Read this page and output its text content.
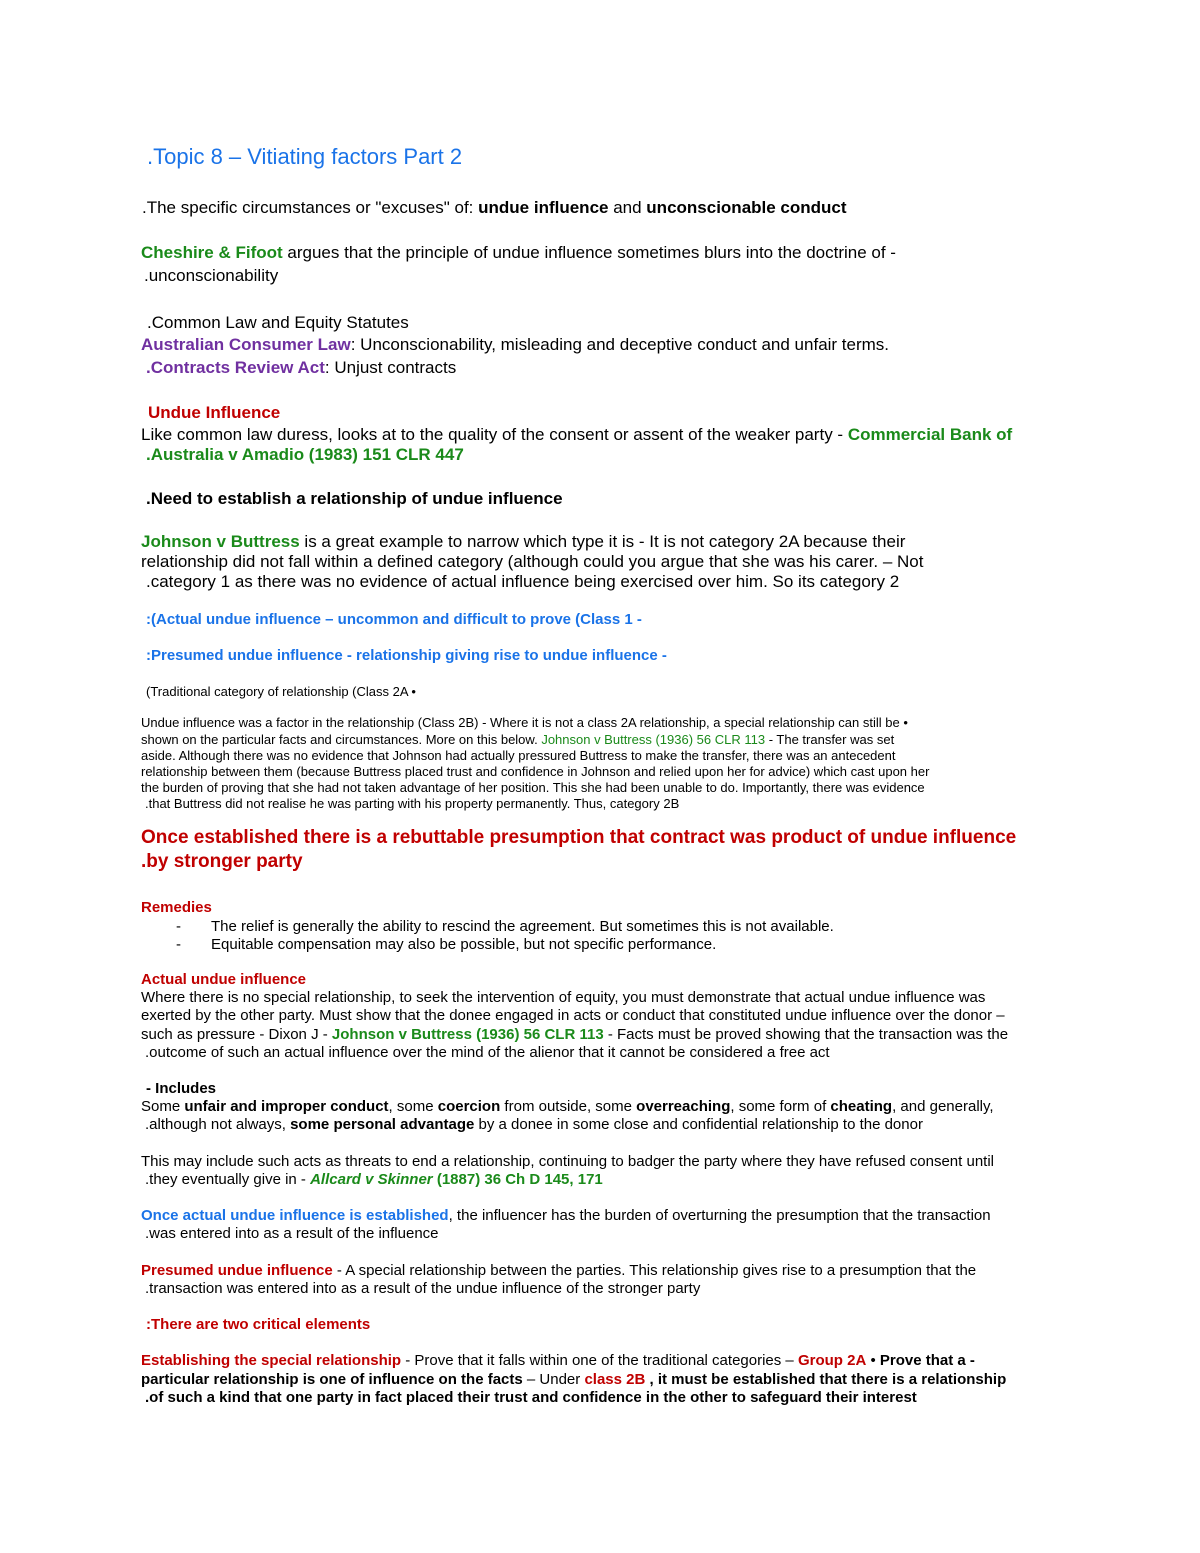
.Topic 8 – Vitiating factors Part 2
.The specific circumstances or "excuses" of: undue influence and unconscionable conduct
Cheshire & Fifoot argues that the principle of undue influence sometimes blurs into the doctrine of -
.unconscionability
.Common Law and Equity Statutes
Australian Consumer Law: Unconscionability, misleading and deceptive conduct and unfair terms.
.Contracts Review Act: Unjust contracts
Undue Influence
Like common law duress, looks at to the quality of the consent or assent of the weaker party - Commercial Bank of
.Australia v Amadio (1983) 151 CLR 447
.Need to establish a relationship of undue influence
Johnson v Buttress is a great example to narrow which type it is - It is not category 2A because their
relationship did not fall within a defined category (although could you argue that she was his carer. – Not
.category 1 as there was no evidence of actual influence being exercised over him. So its category 2
:(Actual undue influence – uncommon and difficult to prove (Class 1 -
:Presumed undue influence - relationship giving rise to undue influence -
(Traditional category of relationship (Class 2A •
Undue influence was a factor in the relationship (Class 2B) - Where it is not a class 2A relationship, a special relationship can still be •
shown on the particular facts and circumstances. More on this below. Johnson v Buttress (1936) 56 CLR 113 - The transfer was set
aside. Although there was no evidence that Johnson had actually pressured Buttress to make the transfer, there was an antecedent
relationship between them (because Buttress placed trust and confidence in Johnson and relied upon her for advice) which cast upon her
the burden of proving that she had not taken advantage of her position. This she had been unable to do. Importantly, there was evidence
.that Buttress did not realise he was parting with his property permanently. Thus, category 2B
Once established there is a rebuttable presumption that contract was product of undue influence
.by stronger party
Remedies
- The relief is generally the ability to rescind the agreement. But sometimes this is not available.
- Equitable compensation may also be possible, but not specific performance.
Actual undue influence
Where there is no special relationship, to seek the intervention of equity, you must demonstrate that actual undue influence was
exerted by the other party. Must show that the donee engaged in acts or conduct that constituted undue influence over the donor –
such as pressure - Dixon J - Johnson v Buttress (1936) 56 CLR 113 - Facts must be proved showing that the transaction was the
.outcome of such an actual influence over the mind of the alienor that it cannot be considered a free act
- Includes
Some unfair and improper conduct, some coercion from outside, some overreaching, some form of cheating, and generally,
.although not always, some personal advantage by a donee in some close and confidential relationship to the donor
This may include such acts as threats to end a relationship, continuing to badger the party where they have refused consent until
.they eventually give in - Allcard v Skinner (1887) 36 Ch D 145, 171
Once actual undue influence is established, the influencer has the burden of overturning the presumption that the transaction
.was entered into as a result of the influence
Presumed undue influence - A special relationship between the parties. This relationship gives rise to a presumption that the
.transaction was entered into as a result of the undue influence of the stronger party
:There are two critical elements
Establishing the special relationship - Prove that it falls within one of the traditional categories – Group 2A • Prove that a -
particular relationship is one of influence on the facts – Under class 2B , it must be established that there is a relationship
.of such a kind that one party in fact placed their trust and confidence in the other to safeguard their interest
